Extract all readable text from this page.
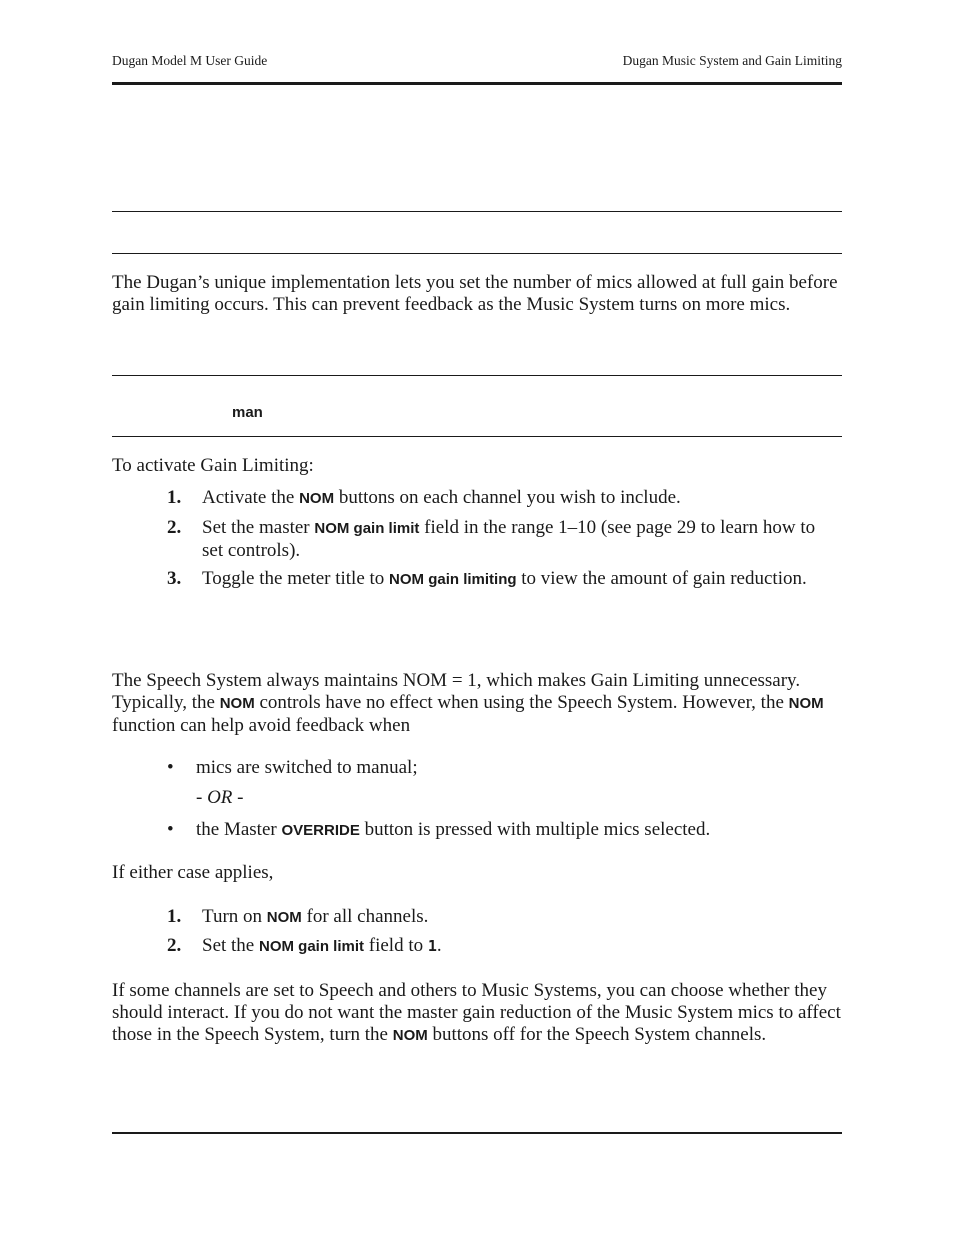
Dugan Model M User Guide	Dugan Music System and Gain Limiting
The Dugan’s unique implementation lets you set the number of mics allowed at full gain before gain limiting occurs. This can prevent feedback as the Music System turns on more mics.
man
To activate Gain Limiting:
1.	Activate the NOM buttons on each channel you wish to include.
2.	Set the master NOM gain limit field in the range 1–10 (see page 29 to learn how to set controls).
3.	Toggle the meter title to NOM gain limiting to view the amount of gain reduction.
The Speech System always maintains NOM = 1, which makes Gain Limiting unnecessary. Typically, the NOM controls have no effect when using the Speech System. However, the NOM function can help avoid feedback when
•	mics are switched to manual;
- OR -
•	the Master OVERRIDE button is pressed with multiple mics selected.
If either case applies,
1.	Turn on NOM for all channels.
2.	Set the NOM gain limit field to 1.
If some channels are set to Speech and others to Music Systems, you can choose whether they should interact. If you do not want the master gain reduction of the Music System mics to affect those in the Speech System, turn the NOM buttons off for the Speech System channels.
